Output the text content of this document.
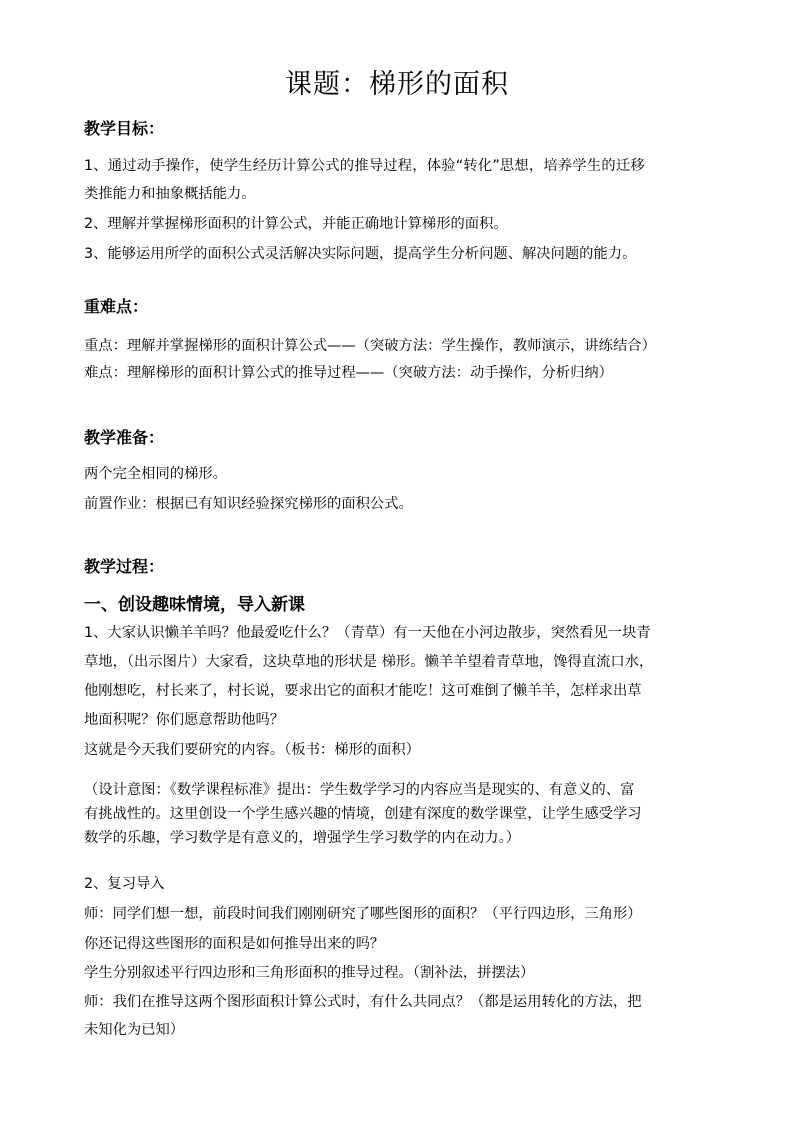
课题：梯形的面积
教学目标：
1、通过动手操作，使学生经历计算公式的推导过程，体验“转化”思想，培养学生的迁移
类推能力和抽象概括能力。
2、理解并掌握梯形面积的计算公式，并能正确地计算梯形的面积。
3、能够运用所学的面积公式灵活解决实际问题，提高学生分析问题、解决问题的能力。
重难点：
重点：理解并掌握梯形的面积计算公式——（突破方法：学生操作，教师演示，讲练结合）
难点：理解梯形的面积计算公式的推导过程——（突破方法：动手操作，分析归纳）
教学准备：
两个完全相同的梯形。
前置作业：根据已有知识经验探究梯形的面积公式。
教学过程：
一、创设趣味情境，导入新课
1、大家认识懒羊羊吗？他最爱吃什么？（青草）有一天他在小河边散步，突然看见一块青
草地，（出示图片）大家看，这块草地的形状是 梯形。懒羊羊望着青草地，馋得直流口水，
他刚想吃，村长来了，村长说，要求出它的面积才能吃！这可难倒了懒羊羊，怎样求出草
地面积呢？你们愿意帮助他吗？
这就是今天我们要研究的内容。（板书：梯形的面积）
（设计意图：《数学课程标准》提出：学生数学学习的内容应当是现实的、有意义的、富
有挑战性的。这里创设一个学生感兴趣的情境，创建有深度的数学课堂，让学生感受学习
数学的乐趣，学习数学是有意义的，增强学生学习数学的内在动力。）
2、复习导入
师：同学们想一想，前段时间我们刚刚研究了哪些图形的面积？（平行四边形，三角形）
你还记得这些图形的面积是如何推导出来的吗？
学生分别叙述平行四边形和三角形面积的推导过程。（割补法，拼摆法）
师：我们在推导这两个图形面积计算公式时，有什么共同点？（都是运用转化的方法，把
未知化为已知）
